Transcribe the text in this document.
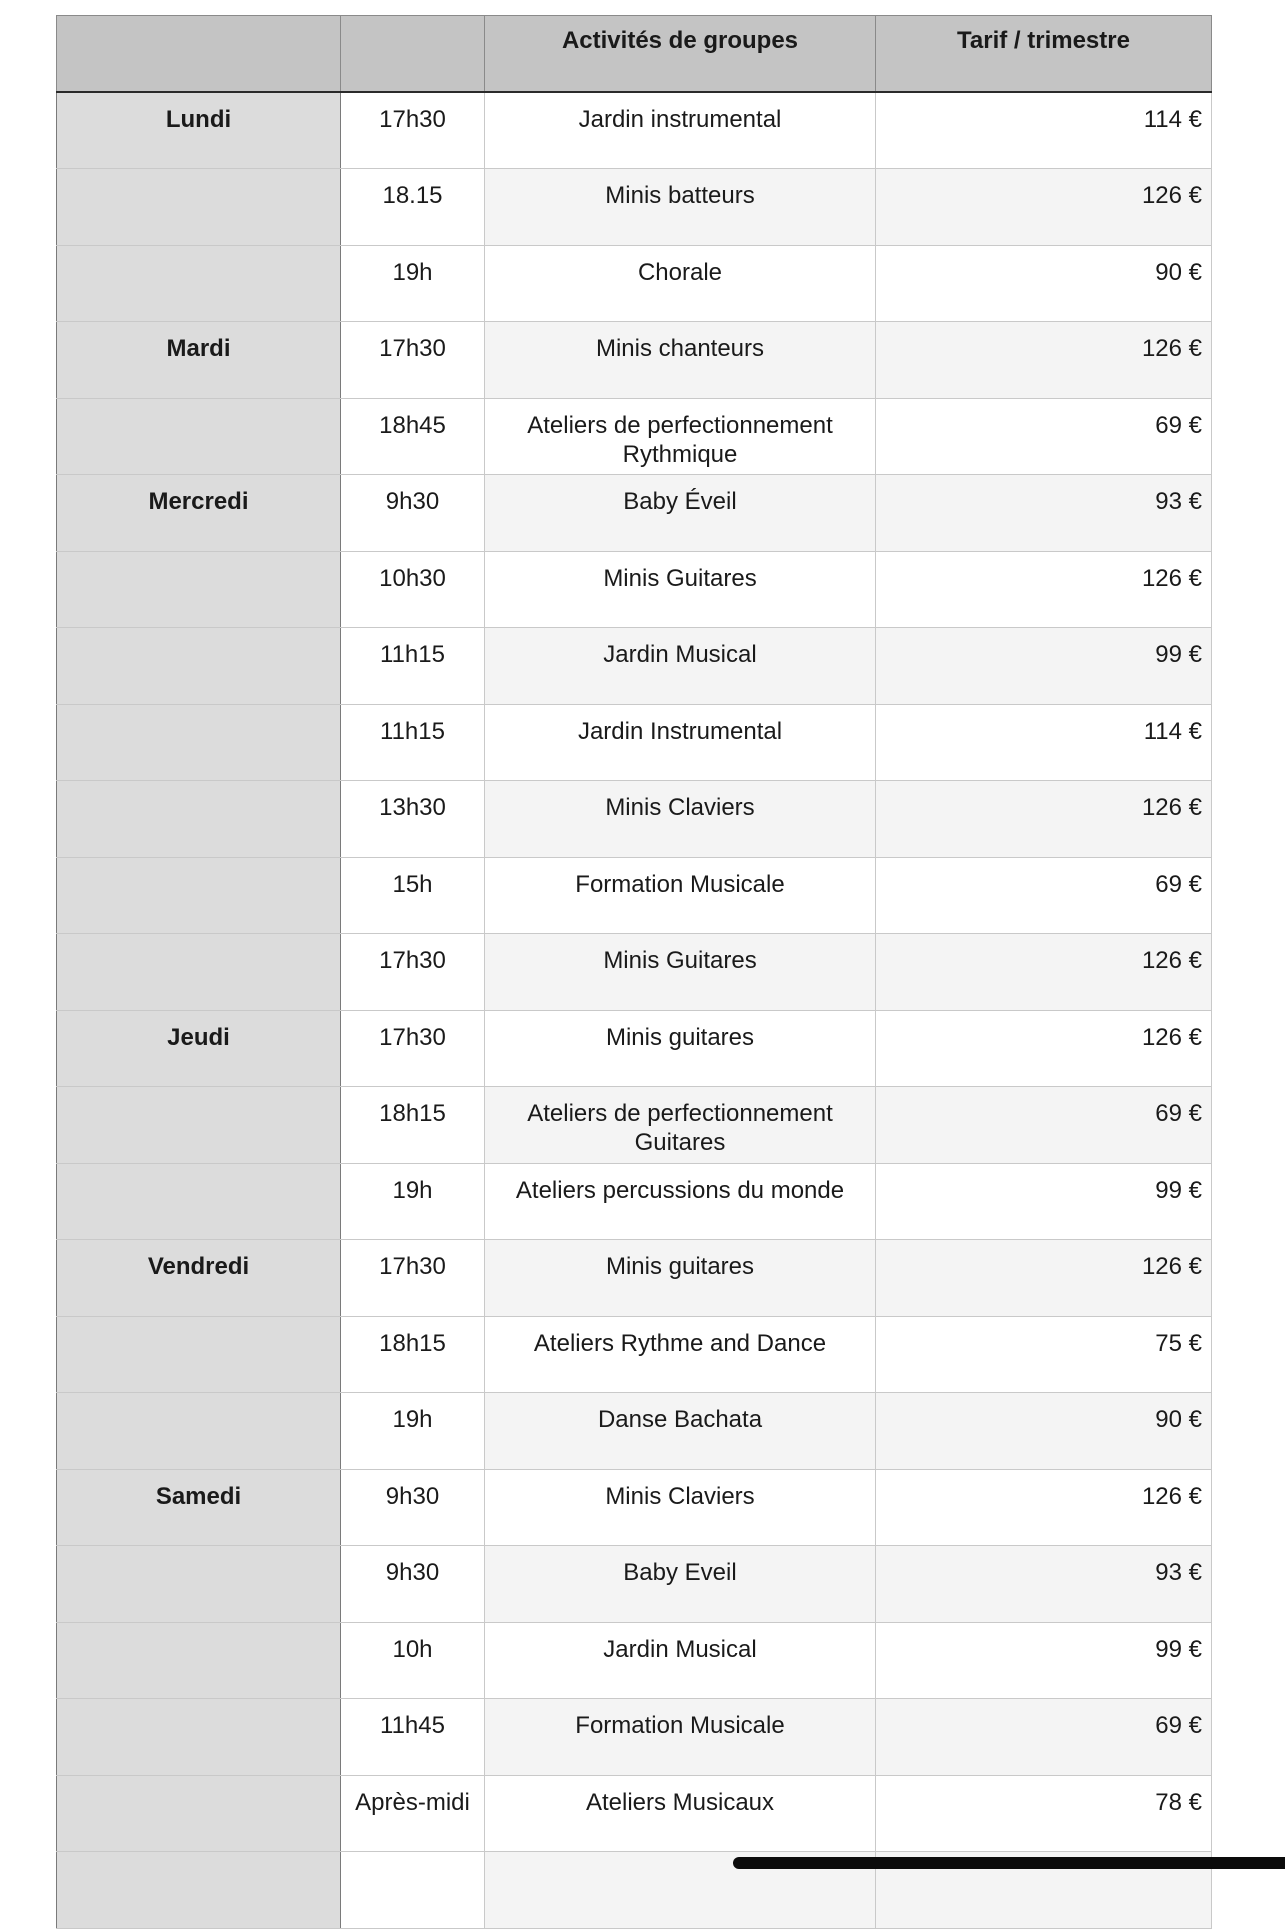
		Activités de groupes	Tarif / trimestre
Lundi	17h30	Jardin instrumental	114 €
	18.15	Minis batteurs	126 €
	19h	Chorale	90 €
Mardi	17h30	Minis chanteurs	126 €
	18h45	Ateliers de perfectionnement Rythmique	69 €
Mercredi	9h30	Baby Éveil	93 €
	10h30	Minis Guitares	126 €
	11h15	Jardin Musical	99 €
	11h15	Jardin Instrumental	114 €
	13h30	Minis Claviers	126 €
	15h	Formation Musicale	69 €
	17h30	Minis Guitares	126 €
Jeudi	17h30	Minis guitares	126 €
	18h15	Ateliers de perfectionnement Guitares	69 €
	19h	Ateliers percussions du monde	99 €
Vendredi	17h30	Minis guitares	126 €
	18h15	Ateliers Rythme and Dance	75 €
	19h	Danse Bachata	90 €
Samedi	9h30	Minis Claviers	126 €
	9h30	Baby Eveil	93 €
	10h	Jardin Musical	99 €
	11h45	Formation Musicale	69 €
	Après-midi	Ateliers Musicaux	78 €
